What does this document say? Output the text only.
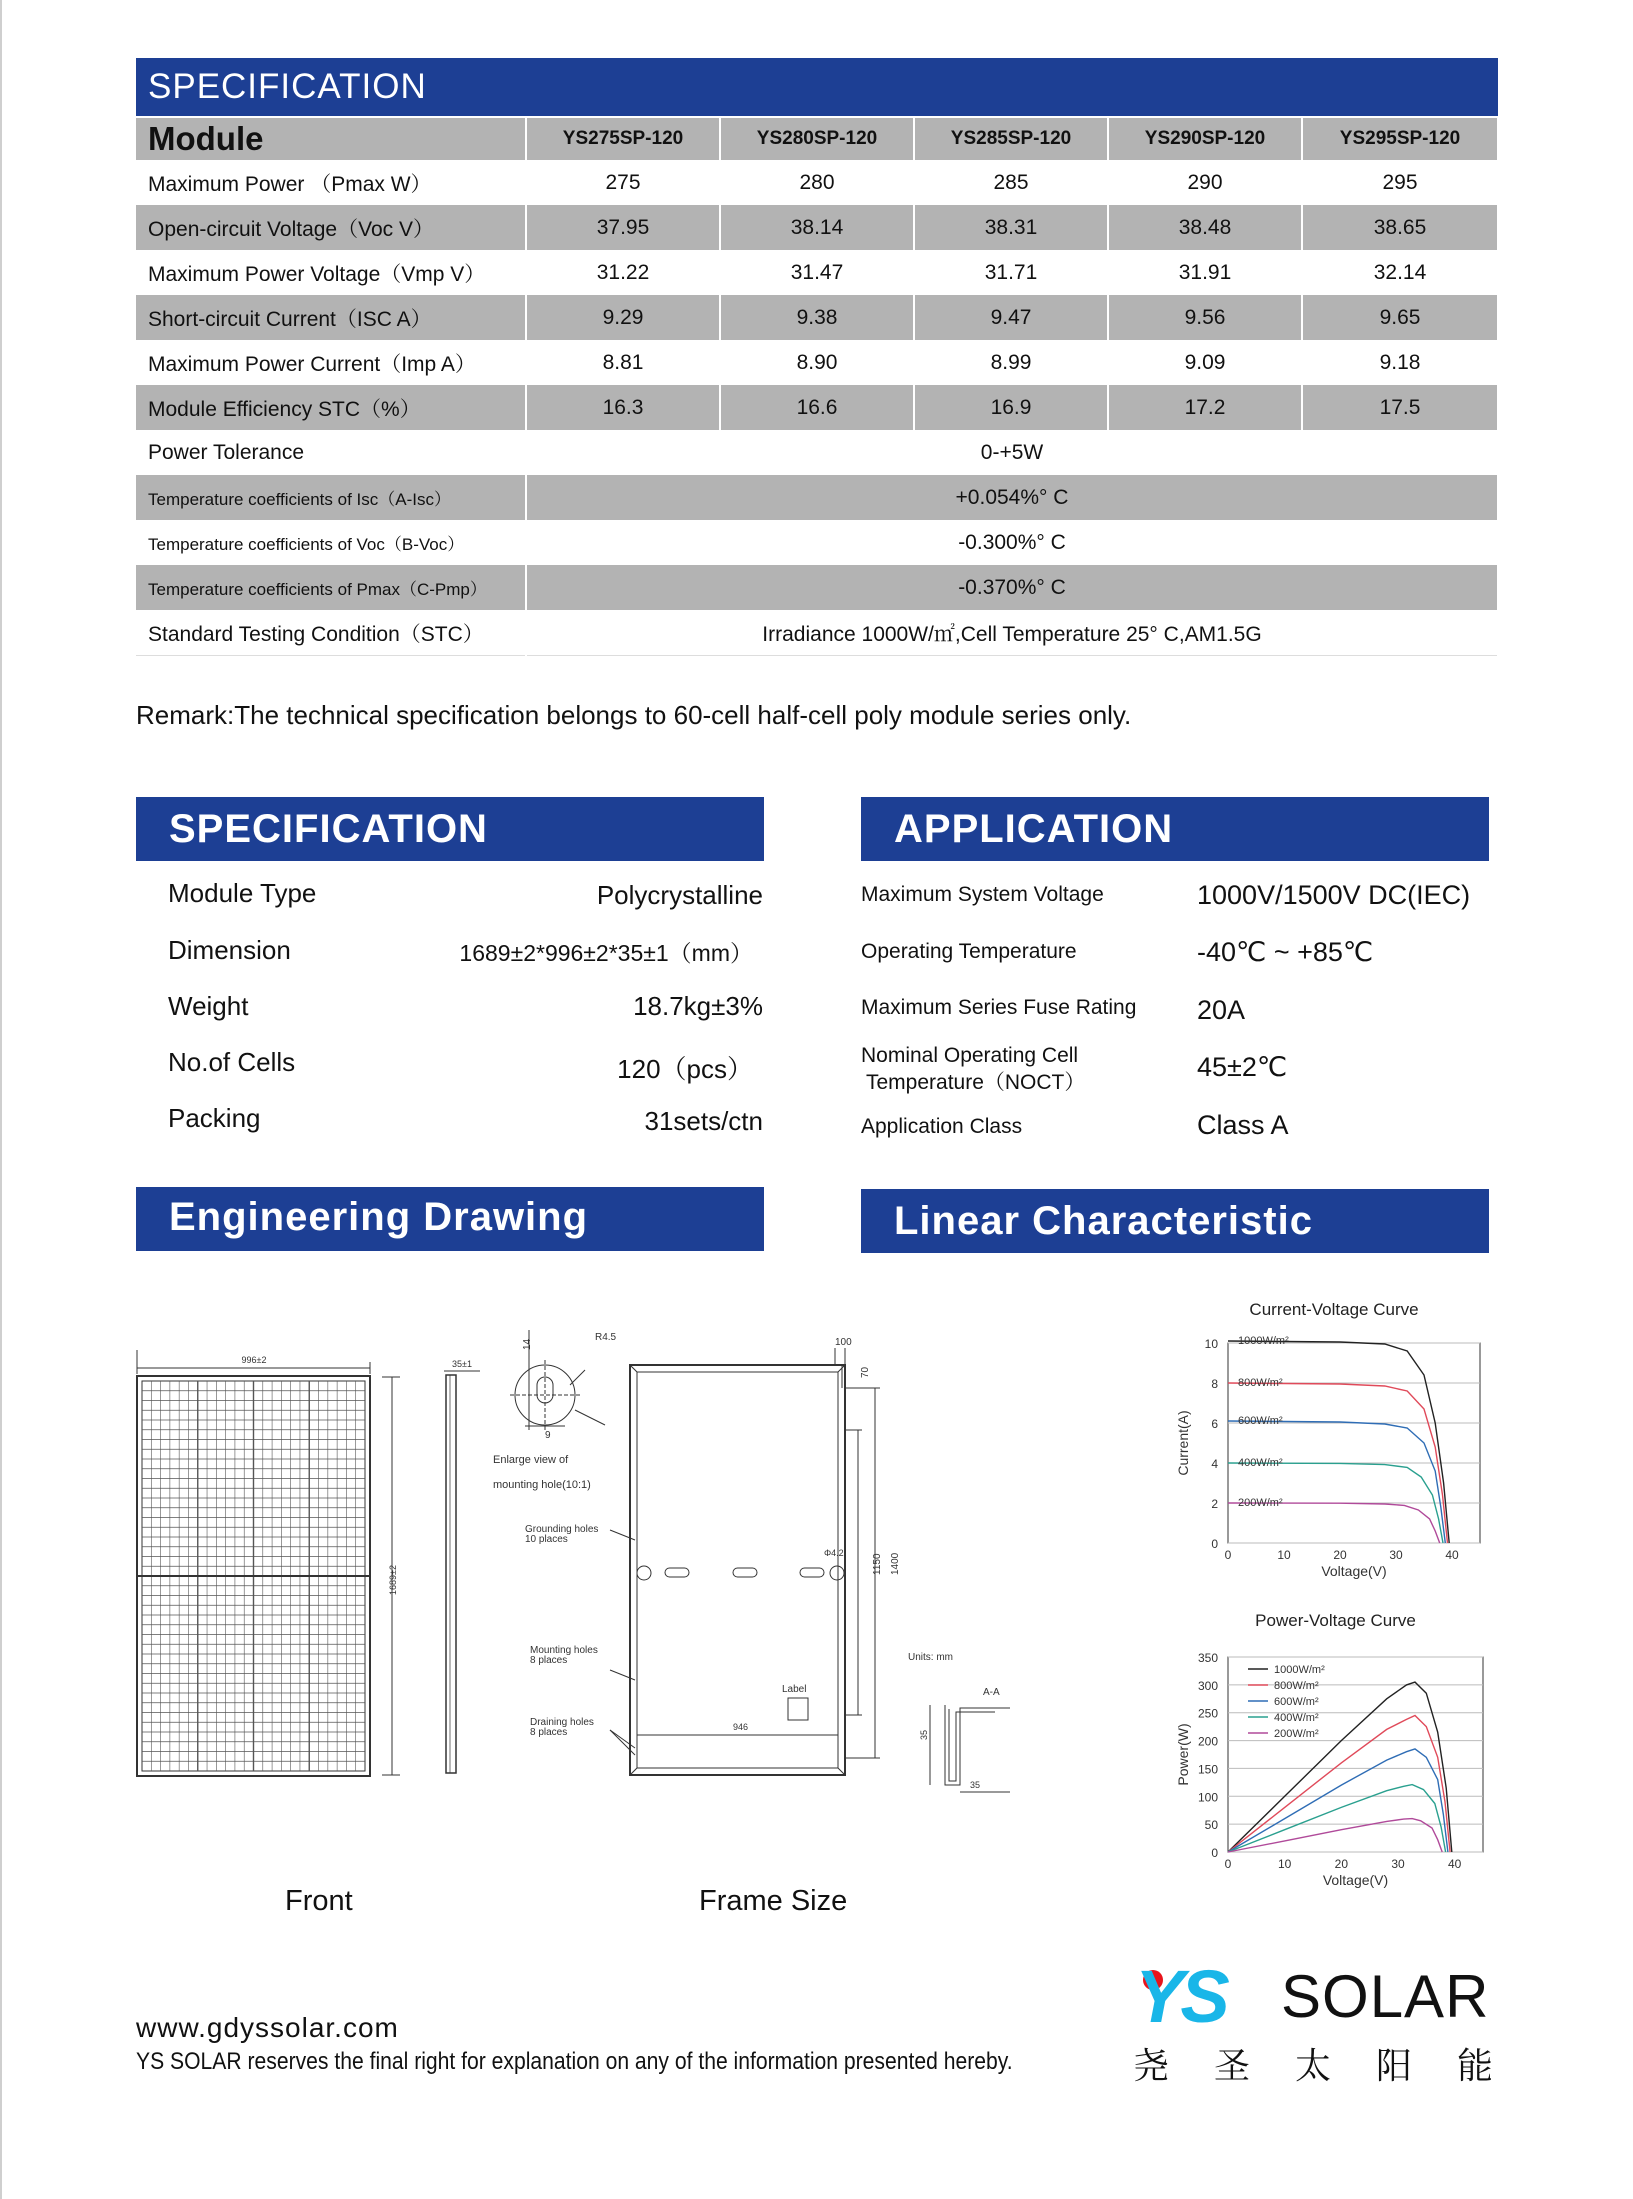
SPECIFICATION
Module	YS275SP-120	YS280SP-120	YS285SP-120	YS290SP-120	YS295SP-120
Maximum Power （Pmax W）	275	280	285	290	295
Open-circuit Voltage（Voc V）	37.95	38.14	38.31	38.48	38.65
Maximum Power Voltage（Vmp V）	31.22	31.47	31.71	31.91	32.14
Short-circuit Current（ISC A）	9.29	9.38	9.47	9.56	9.65
Maximum Power Current（Imp A）	8.81	8.90	8.99	9.09	9.18
Module Efficiency STC（%）	16.3	16.6	16.9	17.2	17.5
Power Tolerance	0-+5W				
Temperature coefficients of Isc（A-Isc）	+0.054%° C				
Temperature coefficients of Voc（B-Voc）	-0.300%° C				
Temperature coefficients of Pmax（C-Pmp）	-0.370%° C				
Standard Testing Condition（STC）	Irradiance 1000W/㎡,Cell Temperature 25° C,AM1.5G				
Remark:The technical specification belongs to 60-cell half-cell poly module series only.
SPECIFICATION	APPLICATION
Module Type	Polycrystalline
Dimension	1689±2*996±2*35±1（mm）
Weight	18.7kg±3%
No.of Cells	120（pcs）
Packing	31sets/ctn
Maximum System Voltage	1000V/1500V DC(IEC)
Operating Temperature	-40℃ ~ +85℃
Maximum Series Fuse Rating 20A
Nominal Operating Cell
Temperature（NOCT）
45±2℃
Application Class	Class A
Engineering Drawing	Linear Characteristic
996±2
1689±2
35±1
R4.5
14
9
Enlarge view of
mounting hole(10:1)
Grounding holes
10 places
Mounting holes
8 places
Draining holes
8 places
100
70
Φ4.2
1150 1400
Units: mm
Label
946
A-A
35
35
Front	Frame Size
Current-Voltage Curve
0
2
4
6
8
10
0	10	20	30	40
Voltage(V)
Current(A)
1000W/m²
800W/m²
600W/m²
400W/m²
200W/m²
Power-Voltage Curve
0
50
100
150
200
250
300
350
0	10	20	30	40
Voltage(V)
Power(W)
1000W/m²
800W/m²
600W/m²
400W/m²
200W/m²
www.gdyssolar.com
YS SOLAR reserves the final right for explanation on any of the information presented hereby.
YS SOLAR
尧 圣 太 阳 能
